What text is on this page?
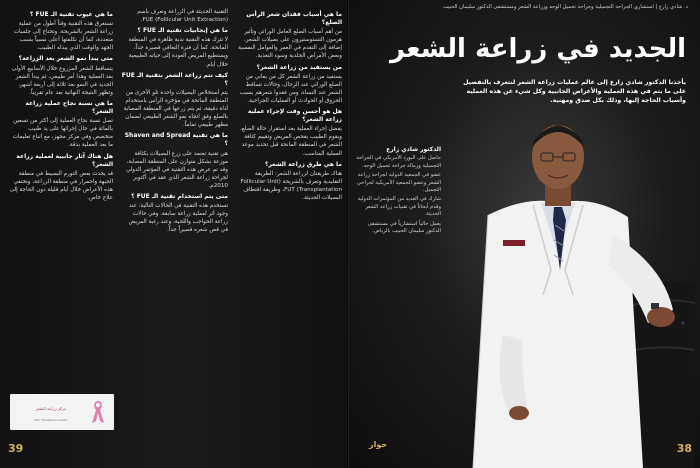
ما هي عيوب تقنية الـ FUE ؟

تستغرق هذه التقنية وقتاً أطول من عملية زراعة الشعر بالشريحة، وتحتاج إلى جلسات متعددة، كما أن تكلفتها أعلى نسبياً بسبب الجهد والوقت الذي يبذله الطبيب.

متى يبدأ نمو الشعر بعد الزراعة؟

يتساقط الشعر المزروع خلال الأسابيع الأولى بعد العملية وهذا أمر طبيعي، ثم يبدأ الشعر الجديد في النمو بعد ثلاثة إلى أربعة أشهر، وتظهر النتيجة النهائية بعد عام تقريباً.

ما هي نسبة نجاح عملية زراعة الشعر؟

تصل نسبة نجاح العملية إلى أكثر من تسعين بالمائة في حال إجرائها على يد طبيب متخصص وفي مركز مجهز، مع اتباع تعليمات ما بعد العملية بدقة.

هل هناك آثار جانبية لعملية زراعة الشعر؟

قد يحدث بعض التورم البسيط في منطقة الجبهة واحمرار في منطقة الزراعة، وتختفي هذه الأعراض خلال أيام قليلة دون الحاجة إلى علاج خاص.

التقنية الحديثة في الزراعة وتعرف باسم (Follicular Unit Extraction) FUE.

ما هي إيجابيات تقنية الـ FUE ؟

لا تترك هذه التقنية ندبة ظاهرة في المنطقة المانحة، كما أن فترة التعافي قصيرة جداً، ويستطيع المريض العودة إلى حياته الطبيعية خلال أيام.

كيف تتم زراعة الشعر بتقنية الـ FUE ؟

يتم استخلاص البصيلات واحدة تلو الأخرى من المنطقة المانحة في مؤخرة الرأس باستخدام أداة دقيقة، ثم يتم زرعها في المنطقة المصابة بالصلع وفق اتجاه نمو الشعر الطبيعي لضمان مظهر طبيعي تماماً.

ما هي تقنية Shaven and Spread ؟

هي تقنية تعتمد على زرع البصيلات بكثافة موزعة بشكل متوازن على المنطقة المصابة، وقد تم عرض هذه التقنية في المؤتمر الدولي لجراحة زراعة الشعر الذي عقد في أكتوبر 2010م.

متى يتم استخدام تقنية الـ FUE ؟

تستخدم هذه التقنية في الحالات التالية: عند وجود أثر لعملية زراعة سابقة، وفي حالات زراعة الحواجب واللحية، وعند رغبة المريض في قص شعره قصيراً جداً.

ما هي أسباب فقدان شعر الرأس الصلع؟

من أهم أسباب الصلع العامل الوراثي وتأثير هرمون التستوستيرون على بصيلات الشعر، إضافة إلى التقدم في العمر والعوامل النفسية وبعض الأمراض الجلدية وسوء التغذية.

من يستفيد من زراعة الشعر؟

يستفيد من زراعة الشعر كل من يعاني من الصلع الوراثي عند الرجال، وحالات تساقط الشعر عند النساء، ومن فقدوا شعرهم بسبب الحروق أو الحوادث أو العمليات الجراحية.

هل هو أحسن وقت لإجراء عملية زراعة الشعر؟

يفضل إجراء العملية بعد استقرار حالة الصلع، ويقوم الطبيب بفحص المريض وتقييم كثافة الشعر في المنطقة المانحة قبل تحديد موعد العملية المناسب.

ما هي طرق زراعة الشعر؟

هناك طريقتان لزراعة الشعر: الطريقة التقليدية وتعرف بالشريحة (Follicular Unit Transplantation) FUT، وطريقة اقتطاف البصيلات الحديثة.

مركز زراعة الشعر
Hair Transplant Center
39
د. شادي زارع | استشاري الجراحة التجميلية وجراحة تجميل الوجه وزراعة الشعر ومستشفى الدكتور سليمان الحبيب
الجديد في زراعة الشعر
يأخذنا الدكتور شادي زارع إلى عالم عمليات زراعة الشعر لنتعرف بالتفصيل على ما يتم في هذه العملية والأعراض الجانبية وكل شيء عن هذه العملية وأسباب الحاجة إليها، وذلك بكل صدق ومهنية.
الدكتور شادي زارع

حاصل على البورد الأمريكي في الجراحة التجميلية وزمالة جراحة تجميل الوجه.

عضو في الجمعية الدولية لجراحة زراعة الشعر وعضو الجمعية الأمريكية لجراحي التجميل.

شارك في العديد من المؤتمرات الدولية وقدم أبحاثاً في تقنيات زراعة الشعر الحديثة.

يعمل حالياً استشارياً في مستشفى الدكتور سليمان الحبيب بالرياض.

حوار	38
